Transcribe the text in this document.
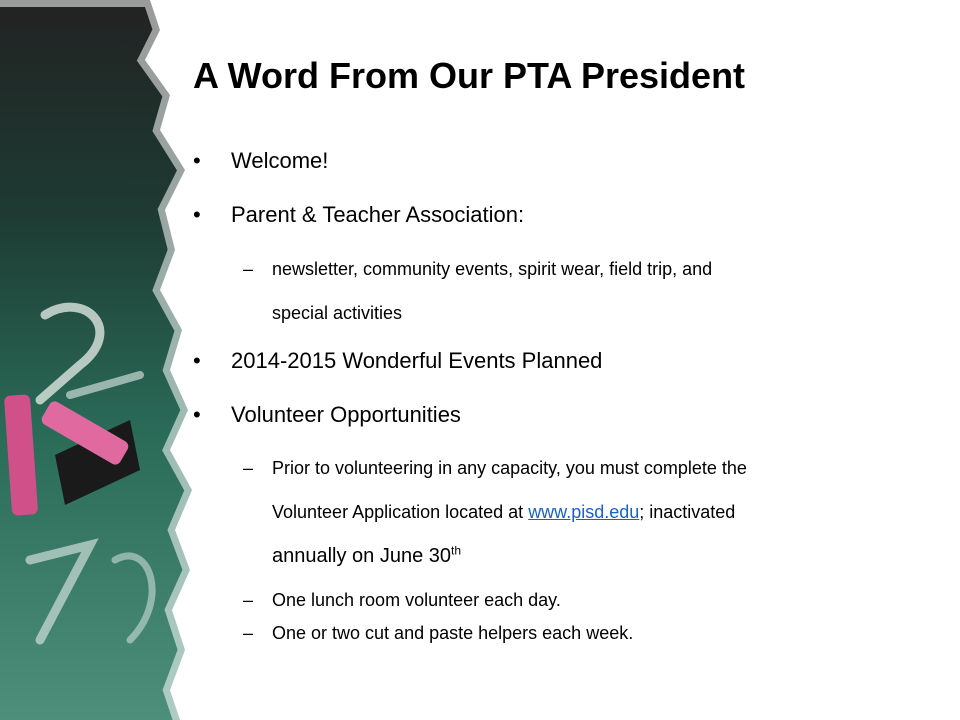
A Word From Our PTA President
• Welcome!
• Parent & Teacher Association:
– newsletter, community events, spirit wear, field trip, and
special activities
• 2014-2015 Wonderful Events Planned
• Volunteer Opportunities
– Prior to volunteering in any capacity, you must complete the
Volunteer Application located at www.pisd.edu; inactivated
annually on June 30th
– One lunch room volunteer each day.
– One or two cut and paste helpers each week.
